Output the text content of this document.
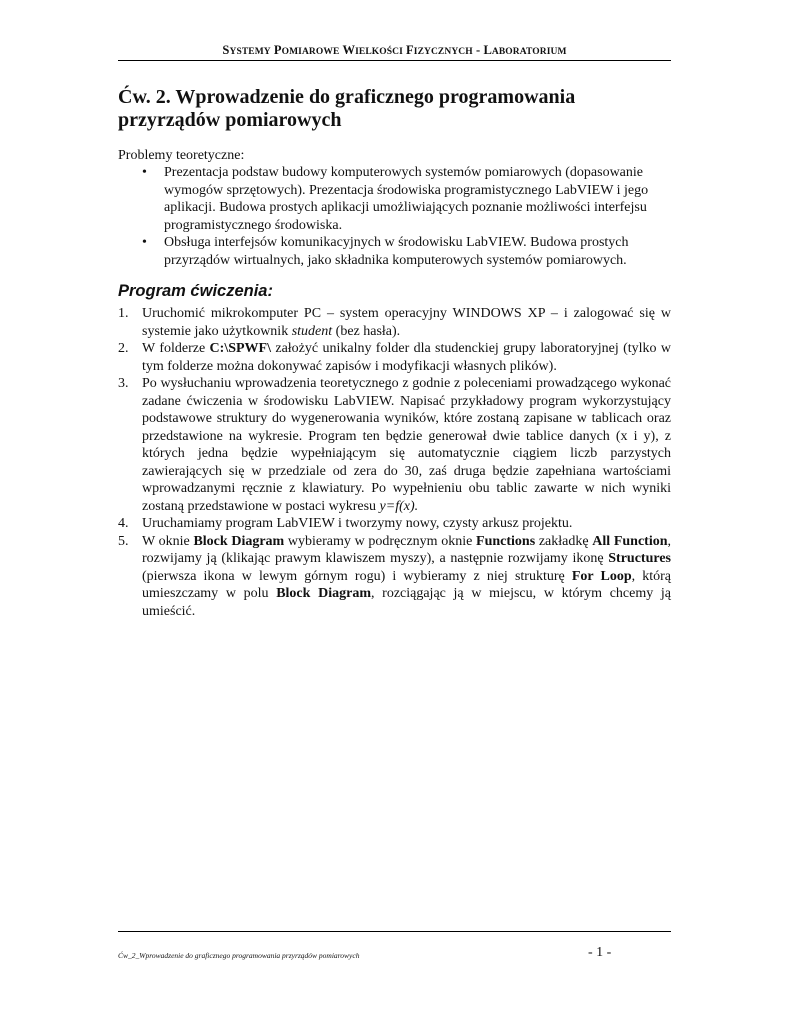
SYSTEMY POMIAROWE WIELKOŚCI FIZYCZNYCH - LABORATORIUM
Ćw. 2. Wprowadzenie do graficznego programowania przyrządów pomiarowych
Problemy teoretyczne:
• Prezentacja podstaw budowy komputerowych systemów pomiarowych (dopasowanie wymogów sprzętowych). Prezentacja środowiska programistycznego LabVIEW i jego aplikacji. Budowa prostych aplikacji umożliwiających poznanie możliwości interfejsu programistycznego środowiska.
• Obsługa interfejsów komunikacyjnych w środowisku LabVIEW. Budowa prostych przyrządów wirtualnych, jako składnika komputerowych systemów pomiarowych.
Program ćwiczenia:
1. Uruchomić mikrokomputer PC – system operacyjny WINDOWS XP – i zalogować się w systemie jako użytkownik student (bez hasła).
2. W folderze C:\SPWF\ założyć unikalny folder dla studenckiej grupy laboratoryjnej (tylko w tym folderze można dokonywać zapisów i modyfikacji własnych plików).
3. Po wysłuchaniu wprowadzenia teoretycznego z godnie z poleceniami prowadzącego wykonać zadane ćwiczenia w środowisku LabVIEW. Napisać przykładowy program wykorzystujący podstawowe struktury do wygenerowania wyników, które zostaną zapisane w tablicach oraz przedstawione na wykresie. Program ten będzie generował dwie tablice danych (x i y), z których jedna będzie wypełniającym się automatycznie ciągiem liczb parzystych zawierających się w przedziale od zera do 30, zaś druga będzie zapełniana wartościami wprowadzanymi ręcznie z klawiatury. Po wypełnieniu obu tablic zawarte w nich wyniki zostaną przedstawione w postaci wykresu y=f(x).
4. Uruchamiamy program LabVIEW i tworzymy nowy, czysty arkusz projektu.
5. W oknie Block Diagram wybieramy w podręcznym oknie Functions zakładkę All Function, rozwijamy ją (klikając prawym klawiszem myszy), a następnie rozwijamy ikonę Structures (pierwsza ikona w lewym górnym rogu) i wybieramy z niej strukturę For Loop, którą umieszczamy w polu Block Diagram, rozciągając ją w miejscu, w którym chcemy ją umieścić.
Ćw_2_Wprowadzenie do graficznego programowania przyrządów pomiarowych	- 1 -
